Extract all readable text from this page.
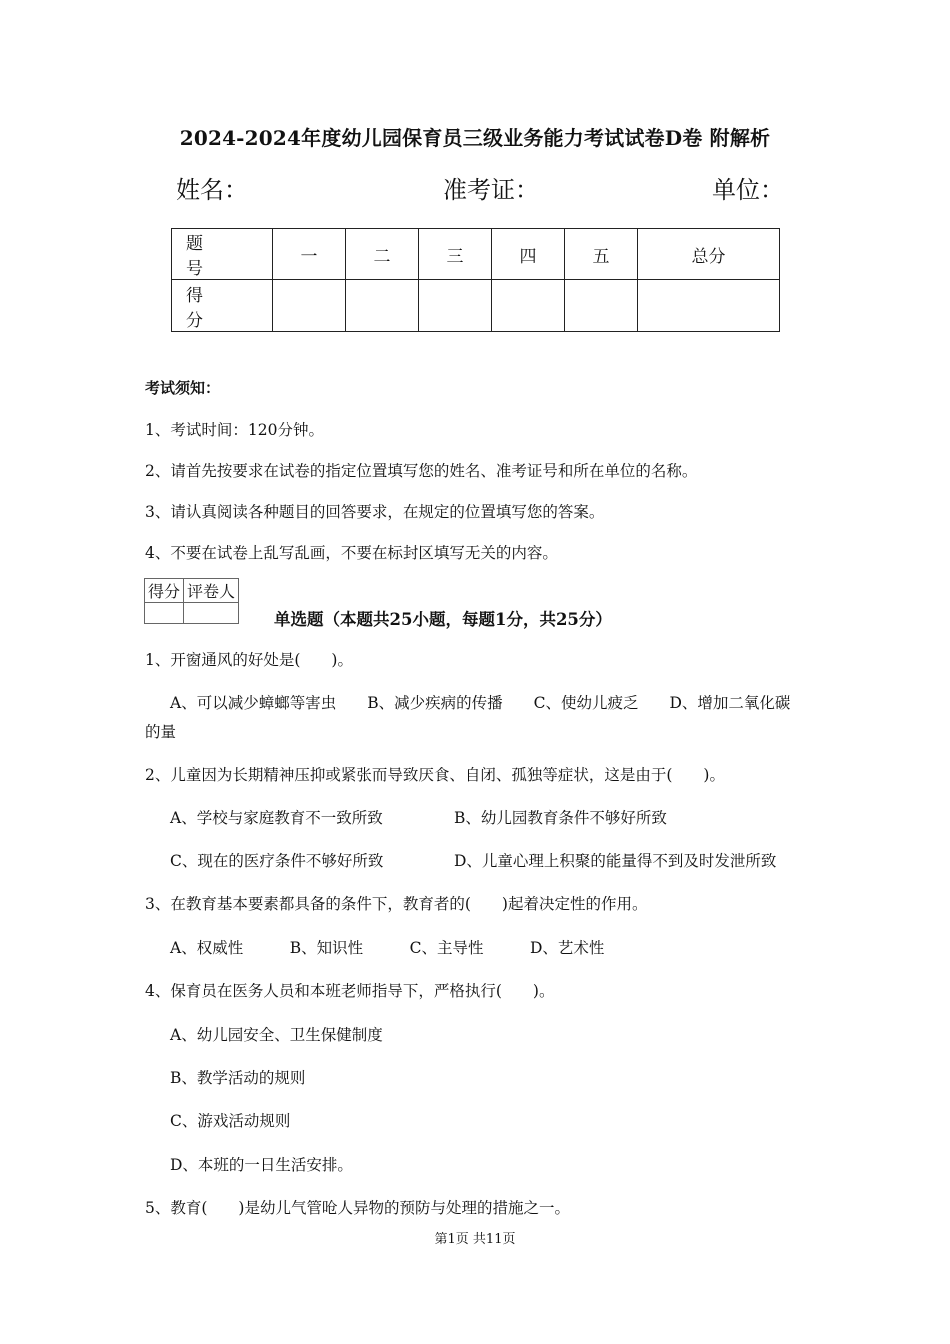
2024-2024年度幼儿园保育员三级业务能力考试试卷D卷 附解析
姓名：	准考证：	单位：
题　号	一	二	三	四	五	总分
得　分						
考试须知：
1、考试时间：120分钟。
2、请首先按要求在试卷的指定位置填写您的姓名、准考证号和所在单位的名称。
3、请认真阅读各种题目的回答要求，在规定的位置填写您的答案。
4、不要在试卷上乱写乱画，不要在标封区填写无关的内容。
得分	评卷人

单选题（本题共25小题，每题1分，共25分）
1、开窗通风的好处是(　　)。
A、可以减少蟑螂等害虫　　B、减少疾病的传播　　C、使幼儿疲乏　　D、增加二氧化碳
的量
2、儿童因为长期精神压抑或紧张而导致厌食、自闭、孤独等症状，这是由于(　　)。
A、学校与家庭教育不一致所致	B、幼儿园教育条件不够好所致
C、现在的医疗条件不够好所致	D、儿童心理上积聚的能量得不到及时发泄所致
3、在教育基本要素都具备的条件下，教育者的(　　)起着决定性的作用。
A、权威性　　　B、知识性　　　C、主导性　　　D、艺术性
4、保育员在医务人员和本班老师指导下，严格执行(　　)。
A、幼儿园安全、卫生保健制度
B、教学活动的规则
C、游戏活动规则
D、本班的一日生活安排。
5、教育(　　)是幼儿气管呛人异物的预防与处理的措施之一。
第1页 共11页
